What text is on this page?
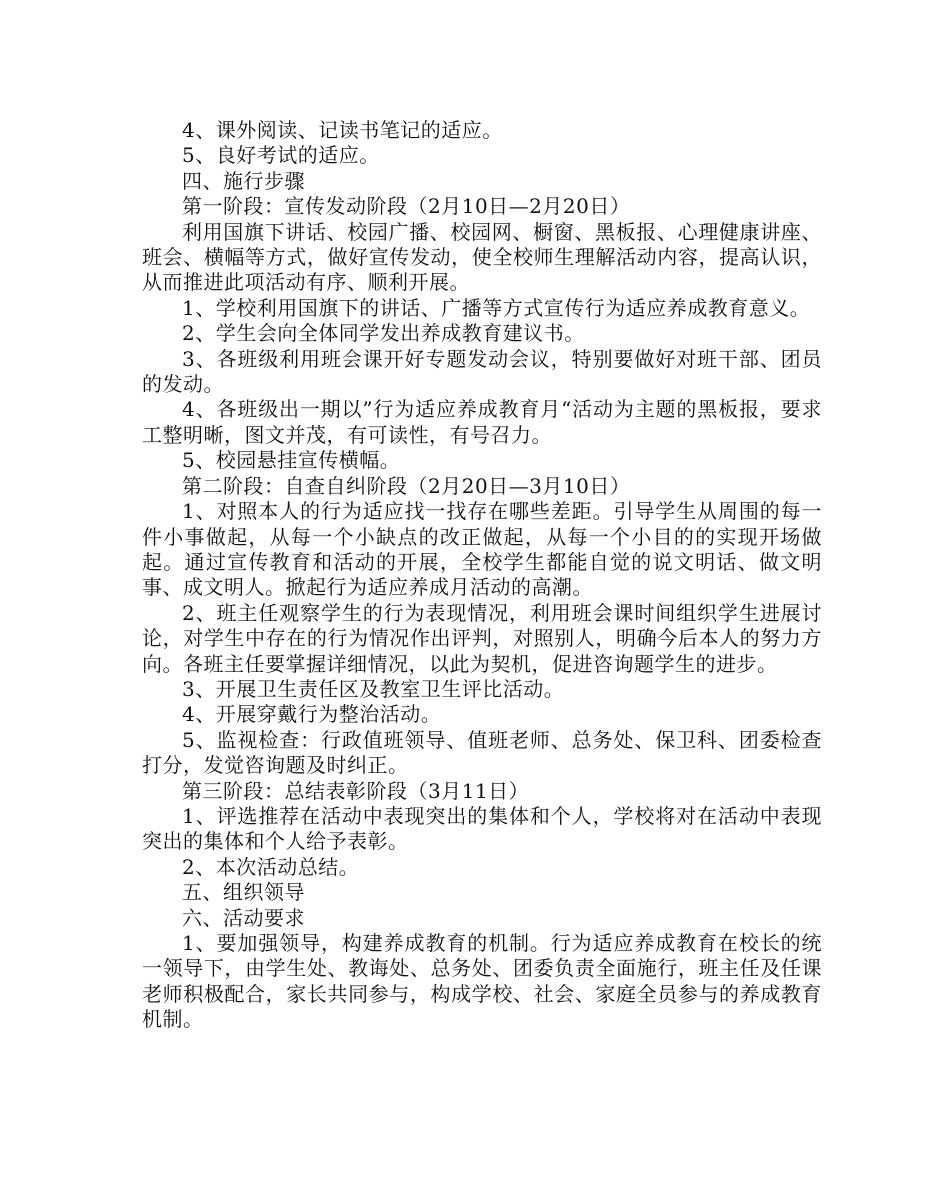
4、课外阅读、记读书笔记的适应。

5、良好考试的适应。

四、施行步骤

第一阶段：宣传发动阶段（2月10日—2月20日）

利用国旗下讲话、校园广播、校园网、橱窗、黑板报、心理健康讲座、班会、横幅等方式，做好宣传发动，使全校师生理解活动内容，提高认识，从而推进此项活动有序、顺利开展。

1、学校利用国旗下的讲话、广播等方式宣传行为适应养成教育意义。

2、学生会向全体同学发出养成教育建议书。

3、各班级利用班会课开好专题发动会议，特别要做好对班干部、团员的发动。

4、各班级出一期以”行为适应养成教育月“活动为主题的黑板报，要求工整明晰，图文并茂，有可读性，有号召力。

5、校园悬挂宣传横幅。

第二阶段：自查自纠阶段（2月20日—3月10日）

1、对照本人的行为适应找一找存在哪些差距。引导学生从周围的每一件小事做起，从每一个小缺点的改正做起，从每一个小目的的实现开场做起。通过宣传教育和活动的开展，全校学生都能自觉的说文明话、做文明事、成文明人。掀起行为适应养成月活动的高潮。

2、班主任观察学生的行为表现情况，利用班会课时间组织学生进展讨论，对学生中存在的行为情况作出评判，对照别人，明确今后本人的努力方向。各班主任要掌握详细情况，以此为契机，促进咨询题学生的进步。

3、开展卫生责任区及教室卫生评比活动。

4、开展穿戴行为整治活动。

5、监视检查：行政值班领导、值班老师、总务处、保卫科、团委检查打分，发觉咨询题及时纠正。

第三阶段：总结表彰阶段（3月11日）

1、评选推荐在活动中表现突出的集体和个人，学校将对在活动中表现突出的集体和个人给予表彰。

2、本次活动总结。

五、组织领导

六、活动要求

1、要加强领导，构建养成教育的机制。行为适应养成教育在校长的统一领导下，由学生处、教诲处、总务处、团委负责全面施行，班主任及任课老师积极配合，家长共同参与，构成学校、社会、家庭全员参与的养成教育机制。
